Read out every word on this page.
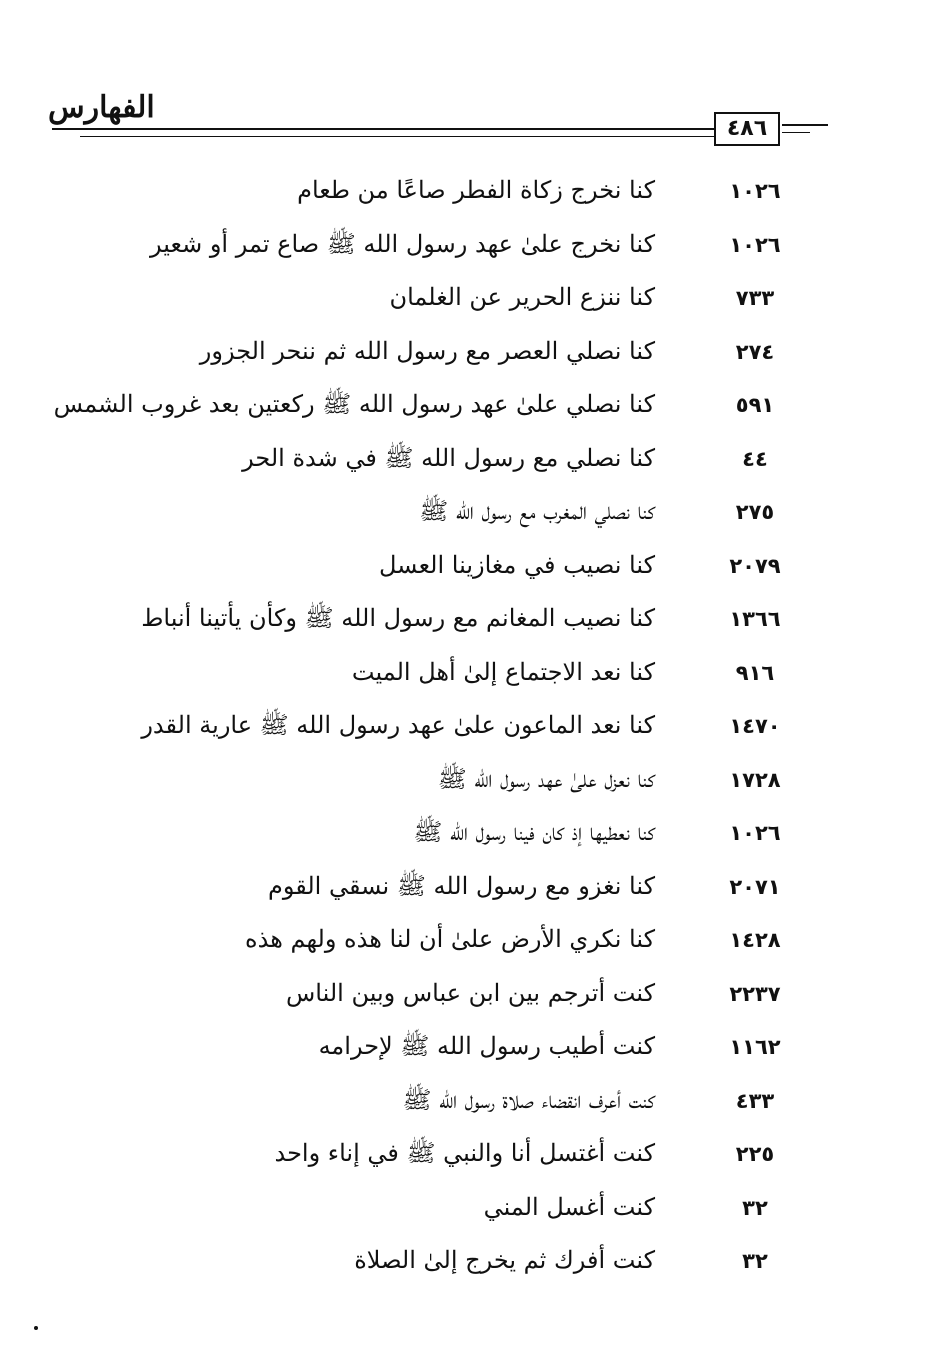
الفهارس
٤٨٦
١٠٢٦
كنا نخرج زكاة الفطر صاعًا من طعام
١٠٢٦
كنا نخرج علىٰ عهد رسول الله ﷺ صاع تمر أو شعير
٧٣٣
كنا ننزع الحرير عن الغلمان
٢٧٤
كنا نصلي العصر مع رسول الله ثم ننحر الجزور
٥٩١
كنا نصلي علىٰ عهد رسول الله ﷺ ركعتين بعد غروب الشمس
٤٤
كنا نصلي مع رسول الله ﷺ في شدة الحر
٢٧٥
كنا نصلي المغرب مع رسول الله ﷺ
٢٠٧٩
كنا نصيب في مغازينا العسل
١٣٦٦
كنا نصيب المغانم مع رسول الله ﷺ وكأن يأتينا أنباط
٩١٦
كنا نعد الاجتماع إلىٰ أهل الميت
١٤٧٠
كنا نعد الماعون علىٰ عهد رسول الله ﷺ عارية القدر
١٧٢٨
كنا نعزل علىٰ عهد رسول الله ﷺ
١٠٢٦
كنا نعطيها إذ كان فينا رسول الله ﷺ
٢٠٧١
كنا نغزو مع رسول الله ﷺ نسقي القوم
١٤٢٨
كنا نكري الأرض علىٰ أن لنا هذه ولهم هذه
٢٢٣٧
كنت أترجم بين ابن عباس وبين الناس
١١٦٢
كنت أطيب رسول الله ﷺ لإحرامه
٤٣٣
كنت أعرف انقضاء صلاة رسول الله ﷺ
٢٢٥
كنت أغتسل أنا والنبي ﷺ في إناء واحد
٣٢
كنت أغسل المني
٣٢
كنت أفرك ثم يخرج إلىٰ الصلاة
